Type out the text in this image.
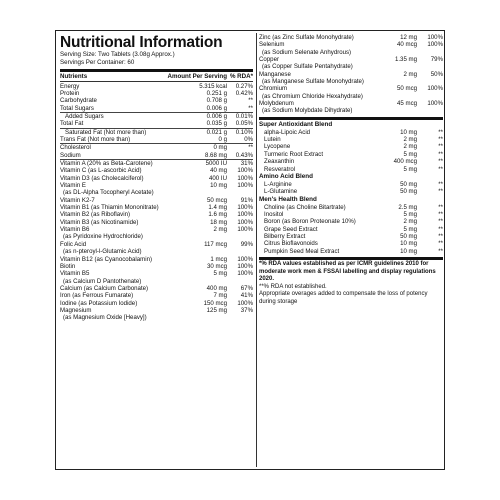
Nutritional Information
Serving Size: Two Tablets (3.08g Approx.)
Servings Per Container: 60
Nutrients	Amount Per Serving % RDA*
Energy	5.315 kcal	0.27%
Protein	0.251 g	0.42%
Carbohydrate	0.708 g	**
Total Sugars	0.006 g	**
Added Sugars	0.006 g	0.01%
Total Fat	0.035 g	0.05%
Saturated Fat (Not more than)	0.021 g	0.10%
Trans Fat (Not more than)	0 g	0%
Cholesterol	0 mg	**
Sodium	8.68 mg	0.43%
Vitamin A (20% as Beta-Carotene)	5000 IU	31%
Vitamin C (as L-ascorbic Acid)	40 mg	100%
Vitamin D3 (as Cholecalciferol)	400 IU	100%
Vitamin E	10 mg	100%
(as DL-Alpha Tocopheryl Acetate)
Vitamin K2-7	50 mcg	91%
Vitamin B1 (as Thiamin Mononitrate)	1.4 mg	100%
Vitamin B2 (as Riboflavin)	1.6 mg	100%
Vitamin B3 (as Nicotinamide)	18 mg	100%
Vitamin B6	2 mg	100%
(as Pyridoxine Hydrochloride)
Folic Acid	117 mcg	99%
(as n-pteroyl-l-Glutamic Acid)
Vitamin B12 (as Cyanocobalamin)	1 mcg	100%
Biotin	30 mcg	100%
Vitamin B5	5 mg	100%
(as Calcium D Pantothenate)
Calcium (as Calcium Carbonate)	400 mg	67%
Iron (as Ferrous Fumarate)	7 mg	41%
Iodine (as Potassium Iodide)	150 mcg	100%
Magnesium	125 mg	37%
(as Magnesium Oxide [Heavy])
Zinc (as Zinc Sulfate Monohydrate)	12 mg	100%
Selenium	40 mcg	100%
(as Sodium Selenate Anhydrous)
Copper	1.35 mg	79%
(as Copper Sulfate Pentahydrate)
Manganese	2 mg	50%
(as Manganese Sulfate Monohydrate)
Chromium	50 mcg	100%
(as Chromium Chloride Hexahydrate)
Molybdenum	45 mcg	100%
(as Sodium Molybdate Dihydrate)
Super Antioxidant Blend
alpha-Lipoic Acid	10 mg	**
Lutein	2 mg	**
Lycopene	2 mg	**
Turmeric Root Extract	5 mg	**
Zeaxanthin	400 mcg	**
Resveratrol	5 mg	**
Amino Acid Blend
L-Arginine	50 mg	**
L-Glutamine	50 mg	**
Men's Health Blend
Choline (as Choline Bitartrate)	2.5 mg	**
Inositol	5 mg	**
Boron (as Boron Proteonate 10%)	2 mg	**
Grape Seed Extract	5 mg	**
Bilberry Extract	50 mg	**
Citrus Bioflavonoids	10 mg	**
Pumpkin Seed Meal Extract	10 mg	**
*% RDA values established as per ICMR guidelines 2010 for moderate work men & FSSAI labelling and display regulations 2020.
**% RDA not established.
Appropriate overages added to compensate the loss of potency during storage
